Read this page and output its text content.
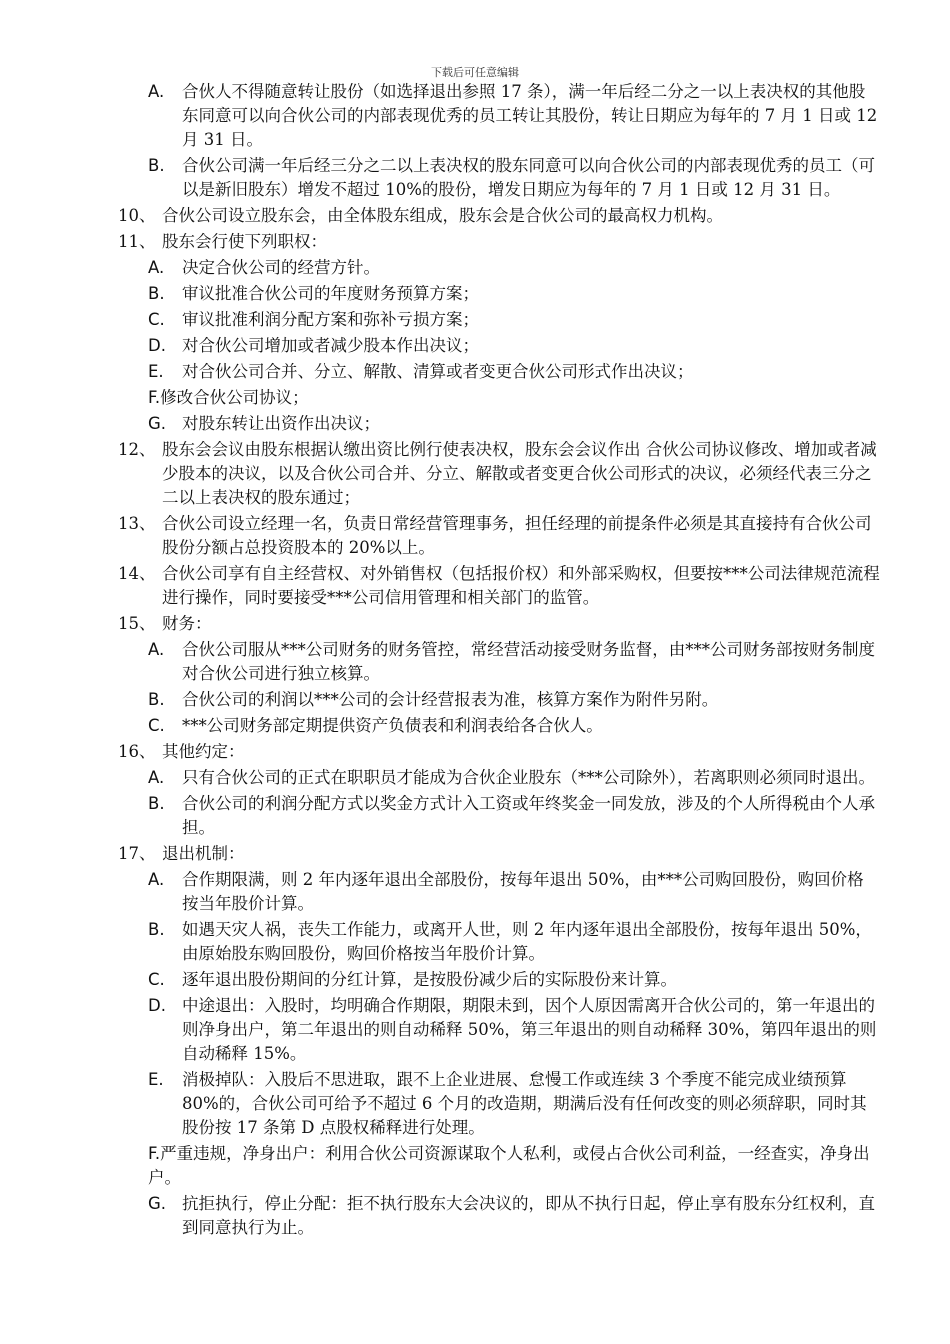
下载后可任意编辑
A. 合伙人不得随意转让股份（如选择退出参照 17 条），满一年后经二分之一以上表决权的其他股东同意可以向合伙公司的内部表现优秀的员工转让其股份，转让日期应为每年的 7 月 1 日或 12 月 31 日。
B. 合伙公司满一年后经三分之二以上表决权的股东同意可以向合伙公司的内部表现优秀的员工（可以是新旧股东）增发不超过 10%的股份，增发日期应为每年的 7 月 1 日或 12 月 31 日。
10、 合伙公司设立股东会，由全体股东组成，股东会是合伙公司的最高权力机构。
11、 股东会行使下列职权：
A. 决定合伙公司的经营方针。
B. 审议批准合伙公司的年度财务预算方案；
C. 审议批准利润分配方案和弥补亏损方案；
D. 对合伙公司增加或者减少股本作出决议；
E. 对合伙公司合并、分立、解散、清算或者变更合伙公司形式作出决议；
F.修改合伙公司协议；
G. 对股东转让出资作出决议；
12、 股东会会议由股东根据认缴出资比例行使表决权，股东会会议作出 合伙公司协议修改、增加或者减少股本的决议，以及合伙公司合并、分立、解散或者变更合伙公司形式的决议，必须经代表三分之二以上表决权的股东通过；
13、 合伙公司设立经理一名，负责日常经营管理事务，担任经理的前提条件必须是其直接持有合伙公司股份分额占总投资股本的 20%以上。
14、 合伙公司享有自主经营权、对外销售权（包括报价权）和外部采购权，但要按***公司法律规范流程进行操作，同时要接受***公司信用管理和相关部门的监管。
15、 财务：
A. 合伙公司服从***公司财务的财务管控，常经营活动接受财务监督，由***公司财务部按财务制度对合伙公司进行独立核算。
B. 合伙公司的利润以***公司的会计经营报表为准，核算方案作为附件另附。
C. ***公司财务部定期提供资产负债表和利润表给各合伙人。
16、 其他约定：
A. 只有合伙公司的正式在职职员才能成为合伙企业股东（***公司除外），若离职则必须同时退出。
B. 合伙公司的利润分配方式以奖金方式计入工资或年终奖金一同发放，涉及的个人所得税由个人承担。
17、 退出机制：
A. 合作期限满，则 2 年内逐年退出全部股份，按每年退出 50%，由***公司购回股份，购回价格按当年股价计算。
B. 如遇天灾人祸，丧失工作能力，或离开人世，则 2 年内逐年退出全部股份，按每年退出 50%，由原始股东购回股份，购回价格按当年股价计算。
C. 逐年退出股份期间的分红计算，是按股份减少后的实际股份来计算。
D. 中途退出：入股时，均明确合作期限，期限未到，因个人原因需离开合伙公司的，第一年退出的则净身出户，第二年退出的则自动稀释 50%，第三年退出的则自动稀释 30%，第四年退出的则自动稀释 15%。
E. 消极掉队：入股后不思进取，跟不上企业进展、怠慢工作或连续 3 个季度不能完成业绩预算 80%的，合伙公司可给予不超过 6 个月的改造期，期满后没有任何改变的则必须辞职，同时其股份按 17 条第 D 点股权稀释进行处理。
F.严重违规，净身出户：利用合伙公司资源谋取个人私利，或侵占合伙公司利益，一经查实，净身出户。
G. 抗拒执行，停止分配：拒不执行股东大会决议的，即从不执行日起，停止享有股东分红权利，直到同意执行为止。
